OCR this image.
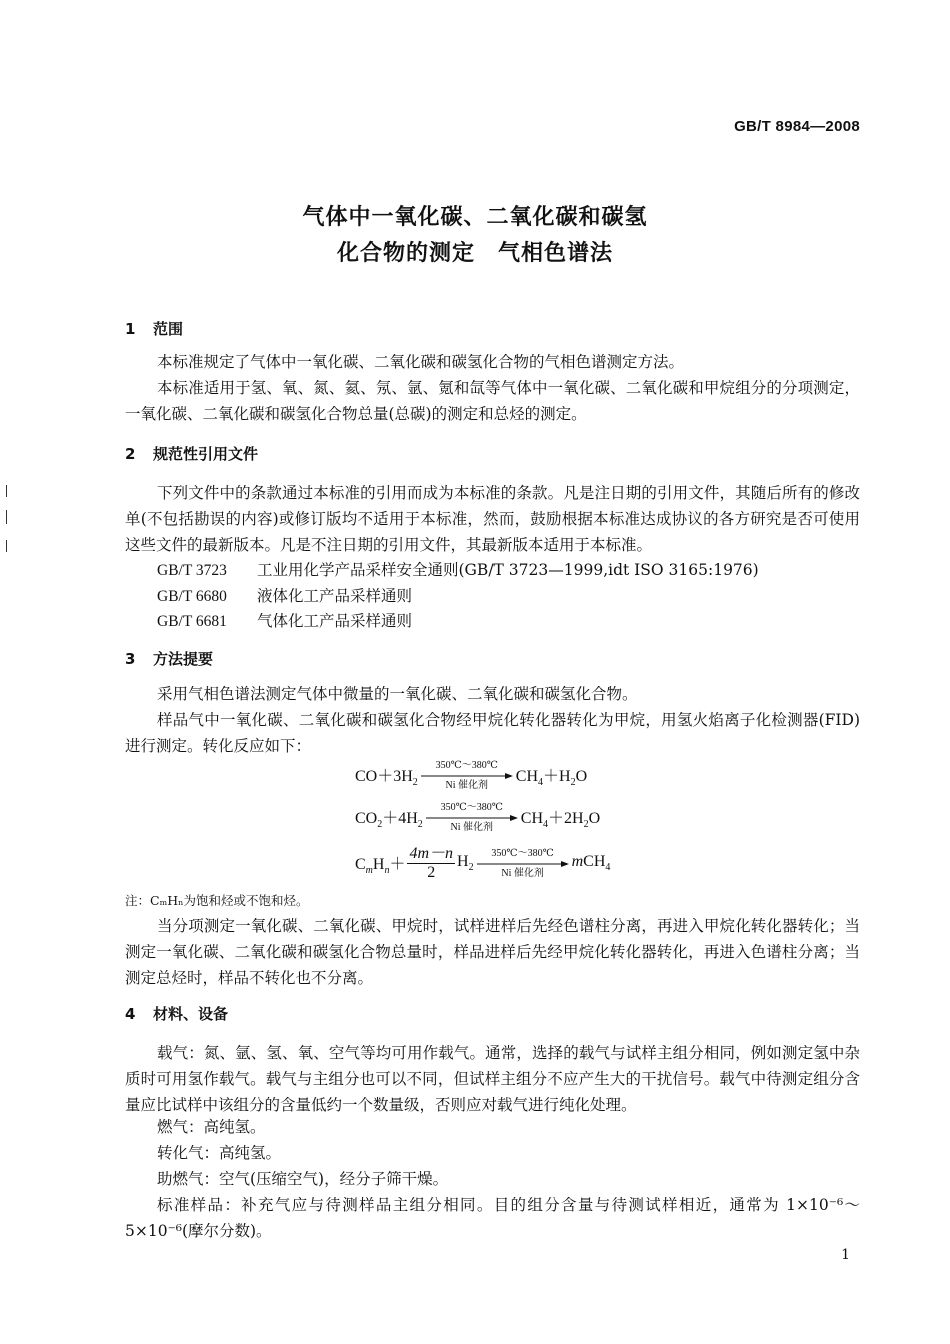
GB/T 8984—2008
气体中一氧化碳、二氧化碳和碳氢
化合物的测定　气相色谱法
1 范围
本标准规定了气体中一氧化碳、二氧化碳和碳氢化合物的气相色谱测定方法。
本标准适用于氢、氧、氮、氦、氖、氩、氪和氙等气体中一氧化碳、二氧化碳和甲烷组分的分项测定，一氧化碳、二氧化碳和碳氢化合物总量(总碳)的测定和总烃的测定。
2 规范性引用文件
下列文件中的条款通过本标准的引用而成为本标准的条款。凡是注日期的引用文件，其随后所有的修改单(不包括勘误的内容)或修订版均不适用于本标准，然而，鼓励根据本标准达成协议的各方研究是否可使用这些文件的最新版本。凡是不注日期的引用文件，其最新版本适用于本标准。
GB/T 3723 工业用化学产品采样安全通则(GB/T 3723—1999,idt ISO 3165:1976)
GB/T 6680 液体化工产品采样通则
GB/T 6681 气体化工产品采样通则
3 方法提要
采用气相色谱法测定气体中微量的一氧化碳、二氧化碳和碳氢化合物。
样品气中一氧化碳、二氧化碳和碳氢化合物经甲烷化转化器转化为甲烷，用氢火焰离子化检测器(FID)进行测定。转化反应如下：
$CO+3H_2$
350℃～380℃
Ni 催化剂
$CH_4+H_2O$
$CO_2+4H_2$
350℃～380℃
Ni 催化剂
$CH_4+2H_2O$
$C_mH_n+ \frac{4m-n}{2} H_2$
350℃～380℃
Ni 催化剂
mCH$_4$
注：CₘHₙ为饱和烃或不饱和烃。
当分项测定一氧化碳、二氧化碳、甲烷时，试样进样后先经色谱柱分离，再进入甲烷化转化器转化；当测定一氧化碳、二氧化碳和碳氢化合物总量时，样品进样后先经甲烷化转化器转化，再进入色谱柱分离；当测定总烃时，样品不转化也不分离。
4 材料、设备
载气：氮、氩、氢、氧、空气等均可用作载气。通常，选择的载气与试样主组分相同，例如测定氢中杂质时可用氢作载气。载气与主组分也可以不同，但试样主组分不应产生大的干扰信号。载气中待测定组分含量应比试样中该组分的含量低约一个数量级，否则应对载气进行纯化处理。
燃气：高纯氢。
转化气：高纯氢。
助燃气：空气(压缩空气)，经分子筛干燥。
标准样品：补充气应与待测样品主组分相同。目的组分含量与待测试样相近，通常为 1×10⁻⁶～5×10⁻⁶(摩尔分数)。
1
